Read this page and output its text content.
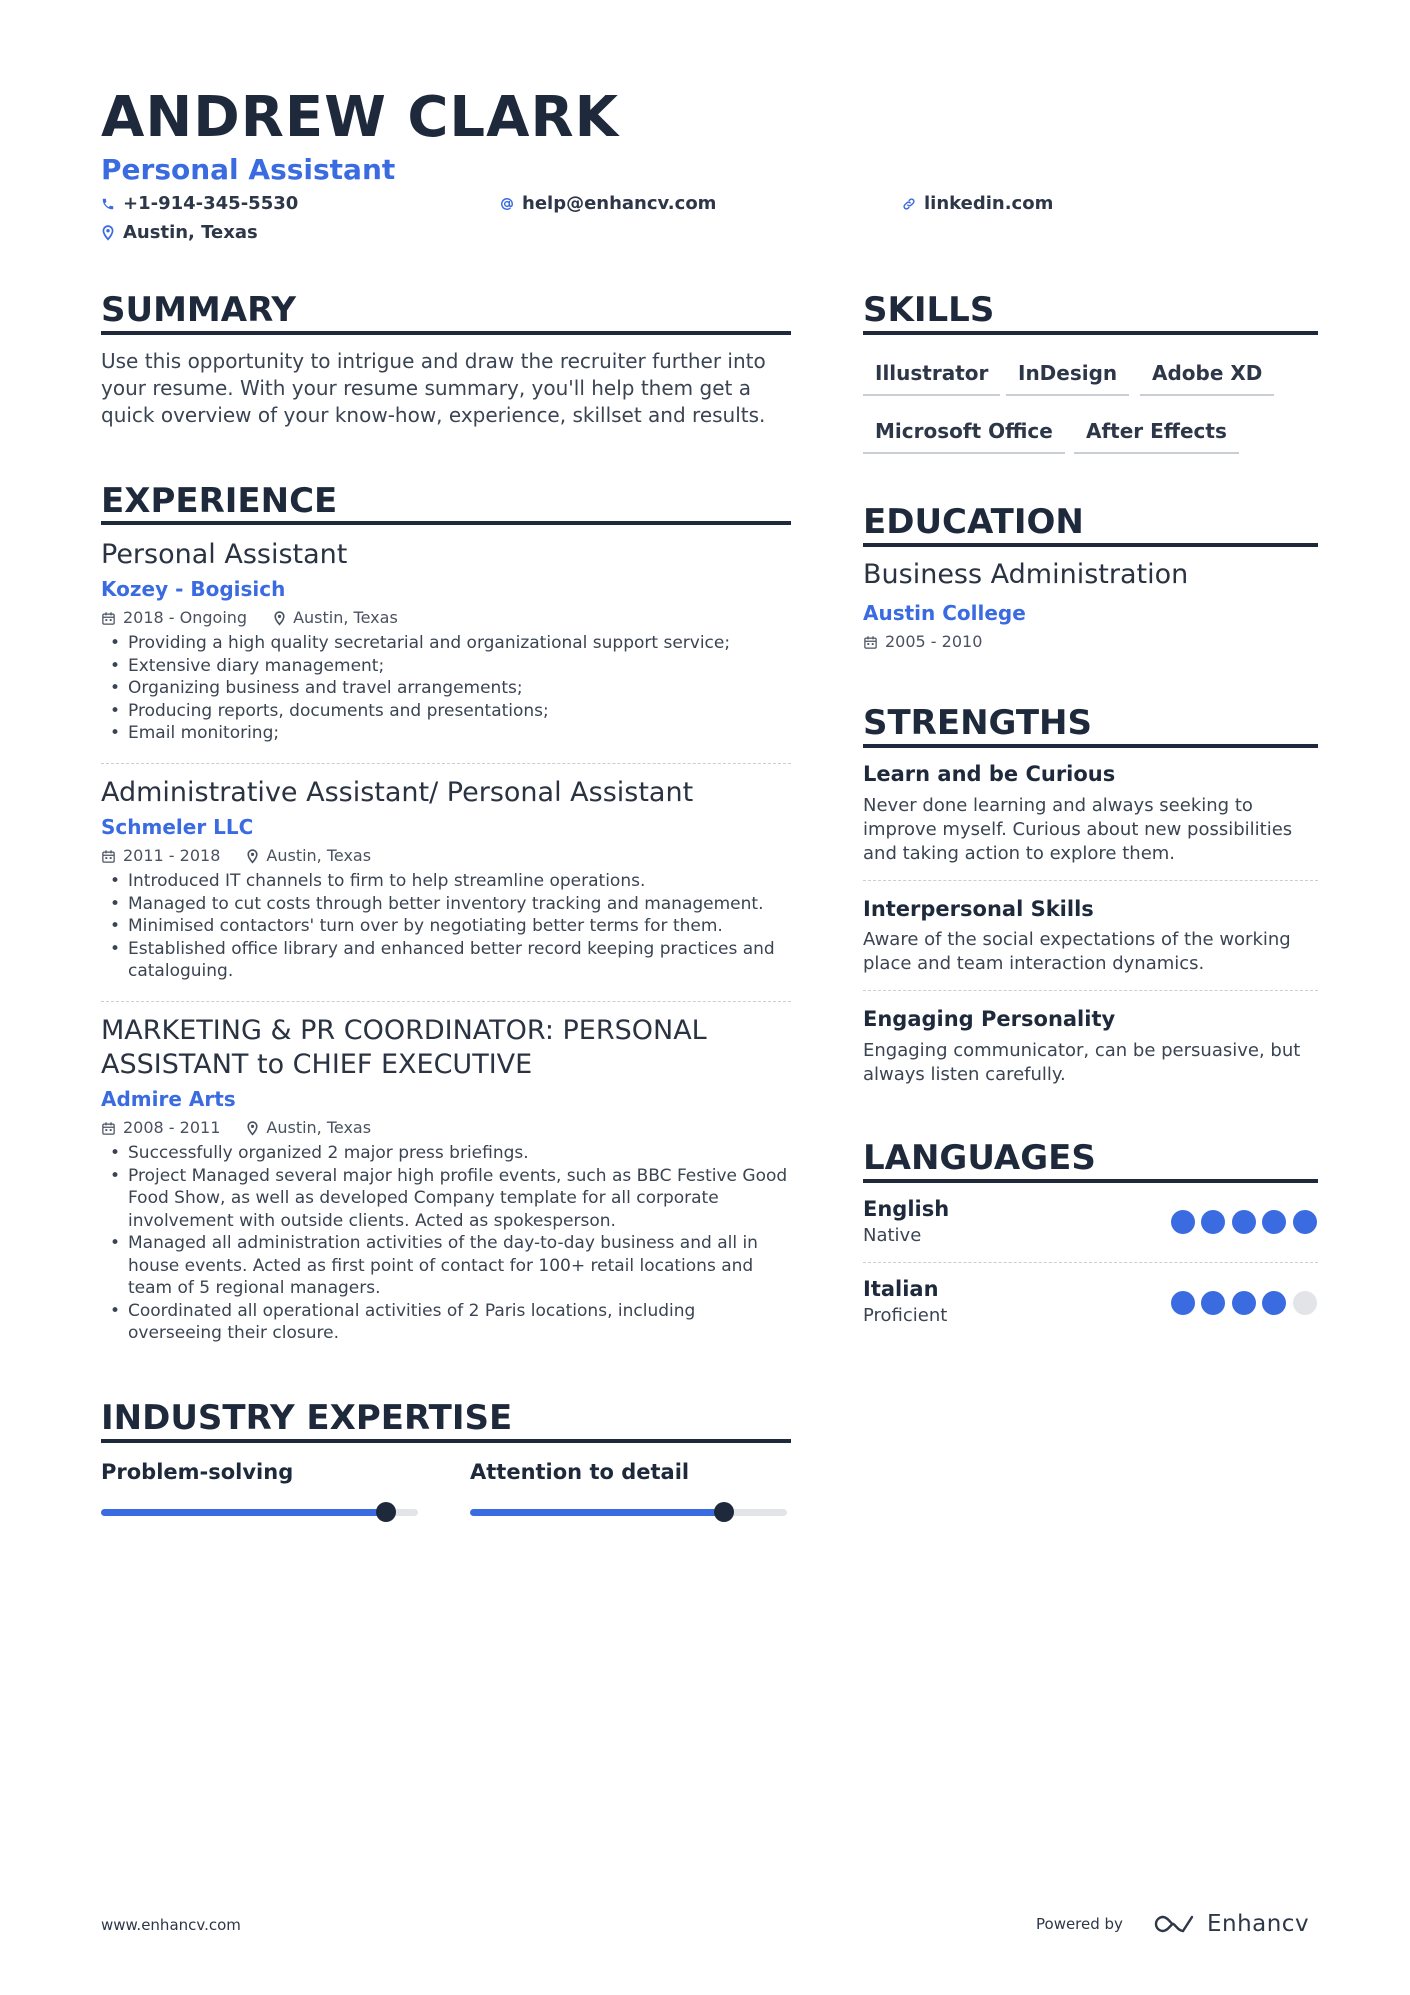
ANDREW CLARK
Personal Assistant
+1-914-345-5530	help@enhancv.com	linkedin.com
Austin, Texas
SUMMARY
Use this opportunity to intrigue and draw the recruiter further into your resume. With your resume summary, you'll help them get a quick overview of your know-how, experience, skillset and results.
EXPERIENCE
Personal Assistant
Kozey - Bogisich
2018 - Ongoing	Austin, Texas
• Providing a high quality secretarial and organizational support service;
• Extensive diary management;
• Organizing business and travel arrangements;
• Producing reports, documents and presentations;
• Email monitoring;
Administrative Assistant/ Personal Assistant
Schmeler LLC
2011 - 2018	Austin, Texas
• Introduced IT channels to firm to help streamline operations.
• Managed to cut costs through better inventory tracking and management.
• Minimised contactors' turn over by negotiating better terms for them.
• Established office library and enhanced better record keeping practices and cataloguing.
MARKETING & PR COORDINATOR: PERSONAL ASSISTANT to CHIEF EXECUTIVE
Admire Arts
2008 - 2011	Austin, Texas
• Successfully organized 2 major press briefings.
• Project Managed several major high profile events, such as BBC Festive Good Food Show, as well as developed Company template for all corporate involvement with outside clients. Acted as spokesperson.
• Managed all administration activities of the day-to-day business and all in house events. Acted as first point of contact for 100+ retail locations and team of 5 regional managers.
• Coordinated all operational activities of 2 Paris locations, including overseeing their closure.
INDUSTRY EXPERTISE
Problem-solving	Attention to detail
SKILLS
Illustrator	InDesign	Adobe XD
Microsoft Office	After Effects
EDUCATION
Business Administration
Austin College
2005 - 2010
STRENGTHS
Learn and be Curious
Never done learning and always seeking to improve myself. Curious about new possibilities and taking action to explore them.
Interpersonal Skills
Aware of the social expectations of the working place and team interaction dynamics.
Engaging Personality
Engaging communicator, can be persuasive, but always listen carefully.
LANGUAGES
English
Native
Italian
Proficient
www.enhancv.com	Powered by	Enhancv
